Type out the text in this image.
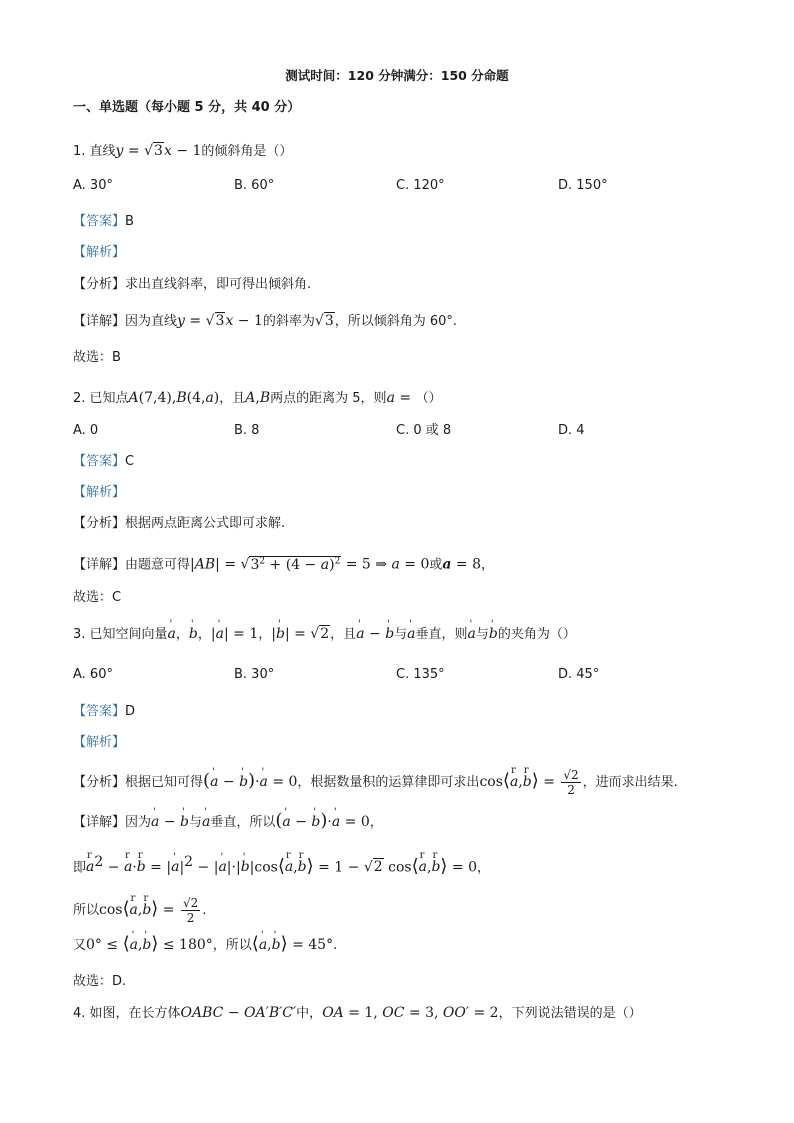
测试时间：120 分钟满分：150 分命题
一、单选题（每小题 5 分，共 40 分）
1. 直线y = √3x − 1的倾斜角是（）
A. 30°	B. 60°	C. 120°	D. 150°
【答案】B
【解析】
【分析】求出直线斜率，即可得出倾斜角.
【详解】因为直线y = √3x − 1的斜率为√3，所以倾斜角为 60°.
故选：B
2. 已知点A(7,4),B(4,a)，且A,B两点的距离为 5，则a = （）
A. 0	B. 8	C. 0 或 8	D. 4
【答案】C
【解析】
【分析】根据两点距离公式即可求解.
【详解】由题意可得$|AB| = √3^2 + (4 - a)^2 = 5$ ⇒ a = 0或a = 8，
故选：C
3. 已知空间向量' a，' b，|' a| = 1，|' b| = √2，且' a − ' b与' a垂直，则' a与' b的夹角为（）
A. 60°	B. 30°	C. 135°	D. 45°
【答案】D
【解析】
【分析】根据已知可得(' a − ' b)·' a = 0，根据数量积的运算律即可求出cos⟨r a,r b⟩ = $\frac{√2}{2}$ ，进而求出结果.
【详解】因为' a − ' b与' a垂直，所以(' a − ' b)·' a = 0，
即r $a^2 - r$ a·r b = |' $a|^2$ − |' a|·|' b|cos⟨r a,r b⟩ = 1 − √2 cos⟨r a,r b⟩ = 0，
所以cos⟨r a,r b⟩ = $\frac{√2}{2}$ .
又0° ≤ ⟨' a,' b⟩ ≤ 180°，所以⟨' a,' b⟩ = 45°.
故选：D.
4. 如图，在长方体OABC − OA′B′C′中，OA = 1, OC = 3, OO′ = 2，下列说法错误的是（）
